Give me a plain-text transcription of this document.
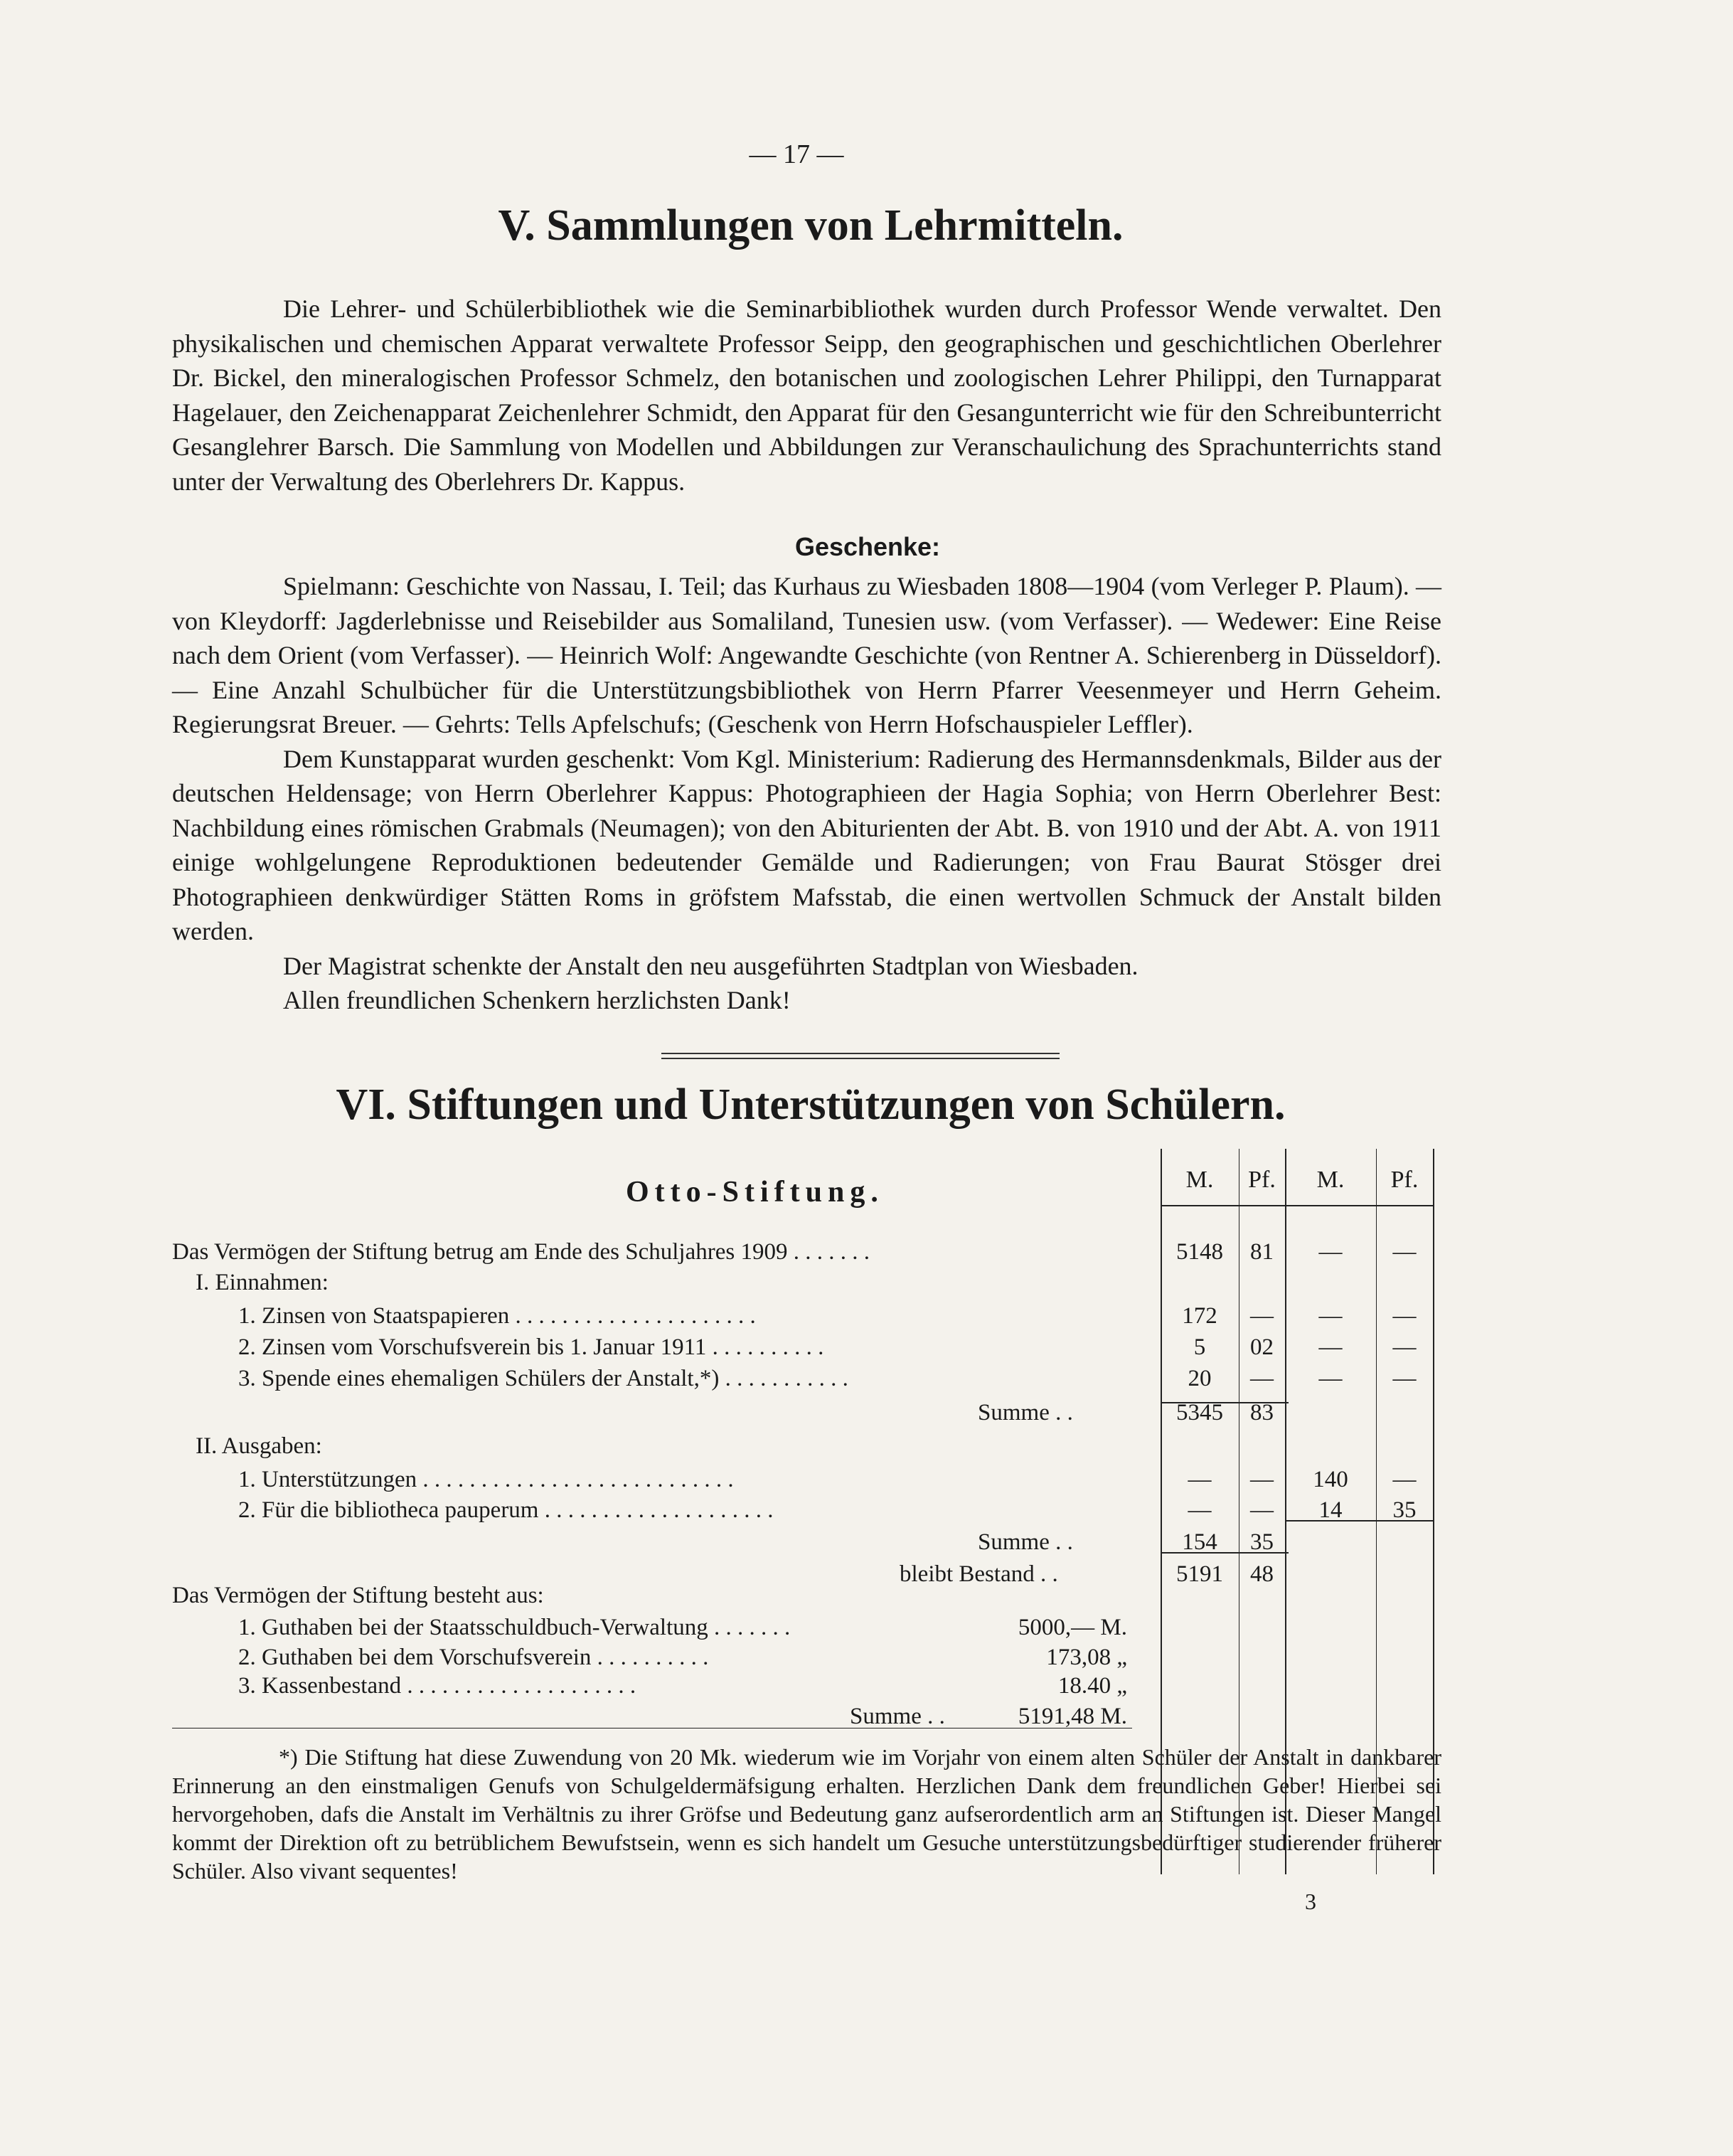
— 17 —
V. Sammlungen von Lehrmitteln.

Die Lehrer- und Schülerbibliothek wie die Seminarbibliothek wurden durch Professor Wende verwaltet. Den physikalischen und chemischen Apparat verwaltete Professor Seipp, den geographischen und geschichtlichen Oberlehrer Dr. Bickel, den mineralogischen Professor Schmelz, den botanischen und zoologischen Lehrer Philippi, den Turnapparat Hagelauer, den Zeichenapparat Zeichenlehrer Schmidt, den Apparat für den Gesangunterricht wie für den Schreibunterricht Gesanglehrer Barsch. Die Sammlung von Modellen und Abbildungen zur Veranschaulichung des Sprachunterrichts stand unter der Verwaltung des Oberlehrers Dr. Kappus.

Geschenke:

Spielmann: Geschichte von Nassau, I. Teil; das Kurhaus zu Wiesbaden 1808—1904 (vom Verleger P. Plaum). — von Kleydorff: Jagderlebnisse und Reisebilder aus Somaliland, Tunesien usw. (vom Verfasser). — Wedewer: Eine Reise nach dem Orient (vom Verfasser). — Heinrich Wolf: Angewandte Geschichte (von Rentner A. Schierenberg in Düsseldorf). — Eine Anzahl Schulbücher für die Unterstützungsbibliothek von Herrn Pfarrer Veesenmeyer und Herrn Geheim. Regierungsrat Breuer. — Gehrts: Tells Apfelschufs; (Geschenk von Herrn Hofschauspieler Leffler).

Dem Kunstapparat wurden geschenkt: Vom Kgl. Ministerium: Radierung des Hermannsdenkmals, Bilder aus der deutschen Heldensage; von Herrn Oberlehrer Kappus: Photographieen der Hagia Sophia; von Herrn Oberlehrer Best: Nachbildung eines römischen Grabmals (Neumagen); von den Abiturienten der Abt. B. von 1910 und der Abt. A. von 1911 einige wohlgelungene Reproduktionen bedeutender Gemälde und Radierungen; von Frau Baurat Stösger drei Photographieen denkwürdiger Stätten Roms in gröfstem Mafsstab, die einen wertvollen Schmuck der Anstalt bilden werden.

Der Magistrat schenkte der Anstalt den neu ausgeführten Stadtplan von Wiesbaden.

Allen freundlichen Schenkern herzlichsten Dank!

VI. Stiftungen und Unterstützungen von Schülern.
Otto-Stiftung.	M.	Pf.	M.	Pf.
Das Vermögen der Stiftung betrug am Ende des Schuljahres 1909 . . . . . . .	5148	81	—	—
I. Einnahmen:
1. Zinsen von Staatspapieren . . . . . . . . . . . . . . . . . . . . .	172	—	—	—
2. Zinsen vom Vorschufsverein bis 1. Januar 1911 . . . . . . . . . .	5	02	—	—
3. Spende eines ehemaligen Schülers der Anstalt,*) . . . . . . . . . . .	20	—	—	—
Summe . .	5345	83
II. Ausgaben:
1. Unterstützungen . . . . . . . . . . . . . . . . . . . . . . . . . . .	—	—	140	—
2. Für die bibliotheca pauperum . . . . . . . . . . . . . . . . . . . .	—	—	14	35
Summe . .	154	35
bleibt Bestand . .	5191	48
Das Vermögen der Stiftung besteht aus:
1. Guthaben bei der Staatsschuldbuch-Verwaltung . . . . . . .	5000,— M.
2. Guthaben bei dem Vorschufsverein . . . . . . . . . .	173,08 „
3. Kassenbestand . . . . . . . . . . . . . . . . . . . .	18.40 „
Summe . .	5191,48 M.

*) Die Stiftung hat diese Zuwendung von 20 Mk. wiederum wie im Vorjahr von einem alten Schüler der Anstalt in dankbarer Erinnerung an den einstmaligen Genufs von Schulgeldermäfsigung erhalten. Herzlichen Dank dem freundlichen Geber! Hierbei sei hervorgehoben, dafs die Anstalt im Verhältnis zu ihrer Gröfse und Bedeutung ganz aufserordentlich arm an Stiftungen ist. Dieser Mangel kommt der Direktion oft zu betrüblichem Bewufstsein, wenn es sich handelt um Gesuche unterstützungsbedürftiger studierender früherer Schüler. Also vivant sequentes!

3
